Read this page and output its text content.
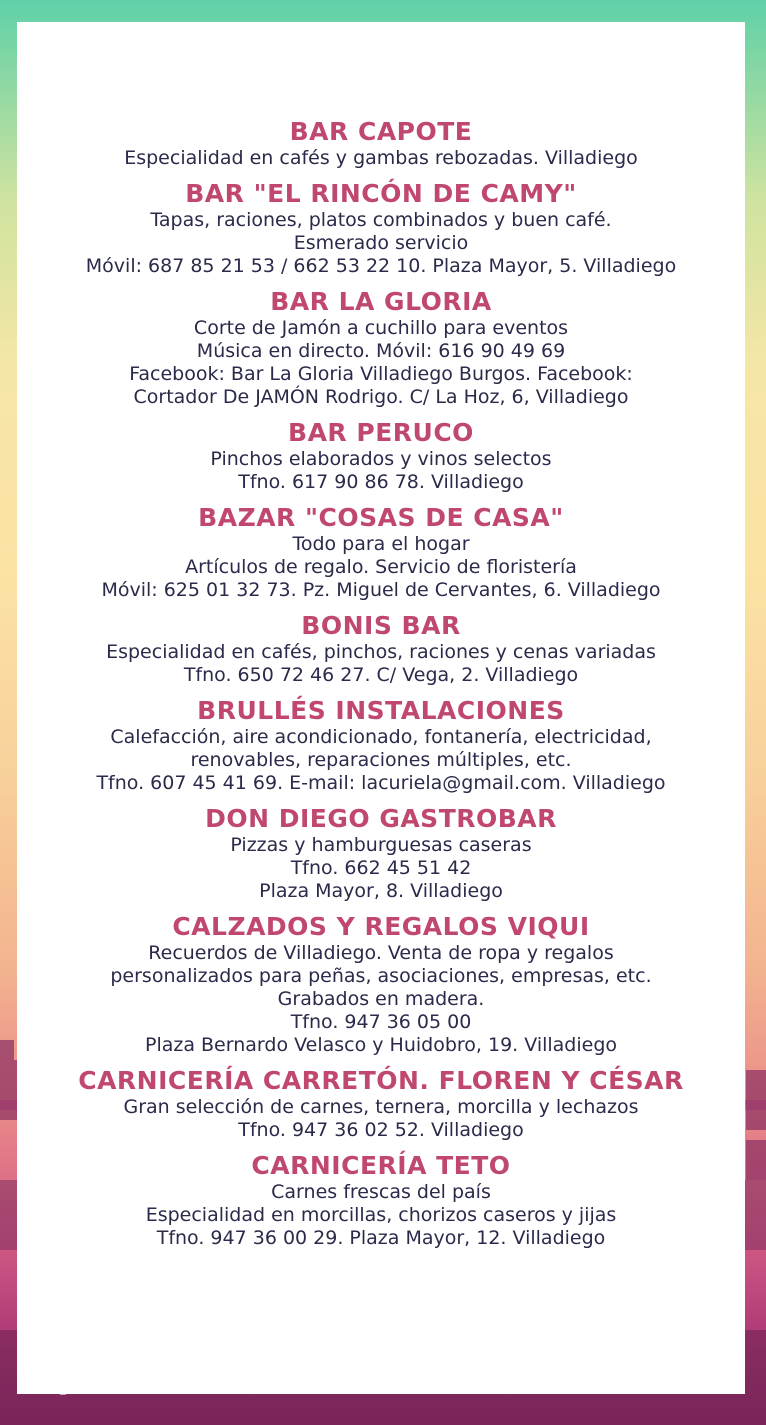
BAR CAPOTE
Especialidad en cafés y gambas rebozadas. Villadiego
BAR "EL RINCÓN DE CAMY"
Tapas, raciones, platos combinados y buen café.
Esmerado servicio
Móvil: 687 85 21 53 / 662 53 22 10. Plaza Mayor, 5. Villadiego
BAR LA GLORIA
Corte de Jamón a cuchillo para eventos
Música en directo. Móvil: 616 90 49 69
Facebook: Bar La Gloria Villadiego Burgos. Facebook:
Cortador De JAMÓN Rodrigo. C/ La Hoz, 6, Villadiego
BAR PERUCO
Pinchos elaborados y vinos selectos
Tfno. 617 90 86 78. Villadiego
BAZAR "COSAS DE CASA"
Todo para el hogar
Artículos de regalo. Servicio de floristería
Móvil: 625 01 32 73. Pz. Miguel de Cervantes, 6. Villadiego
BONIS BAR
Especialidad en cafés, pinchos, raciones y cenas variadas
Tfno. 650 72 46 27. C/ Vega, 2. Villadiego
BRULLÉS INSTALACIONES
Calefacción, aire acondicionado, fontanería, electricidad,
renovables, reparaciones múltiples, etc.
Tfno. 607 45 41 69. E-mail: lacuriela@gmail.com. Villadiego
DON DIEGO GASTROBAR
Pizzas y hamburguesas caseras
Tfno. 662 45 51 42
Plaza Mayor, 8. Villadiego
CALZADOS Y REGALOS VIQUI
Recuerdos de Villadiego. Venta de ropa y regalos
personalizados para peñas, asociaciones, empresas, etc.
Grabados en madera.
Tfno. 947 36 05 00
Plaza Bernardo Velasco y Huidobro, 19. Villadiego
CARNICERÍA CARRETÓN. FLOREN Y CÉSAR
Gran selección de carnes, ternera, morcilla y lechazos
Tfno. 947 36 02 52. Villadiego
CARNICERÍA TETO
Carnes frescas del país
Especialidad en morcillas, chorizos caseros y jijas
Tfno. 947 36 00 29. Plaza Mayor, 12. Villadiego
